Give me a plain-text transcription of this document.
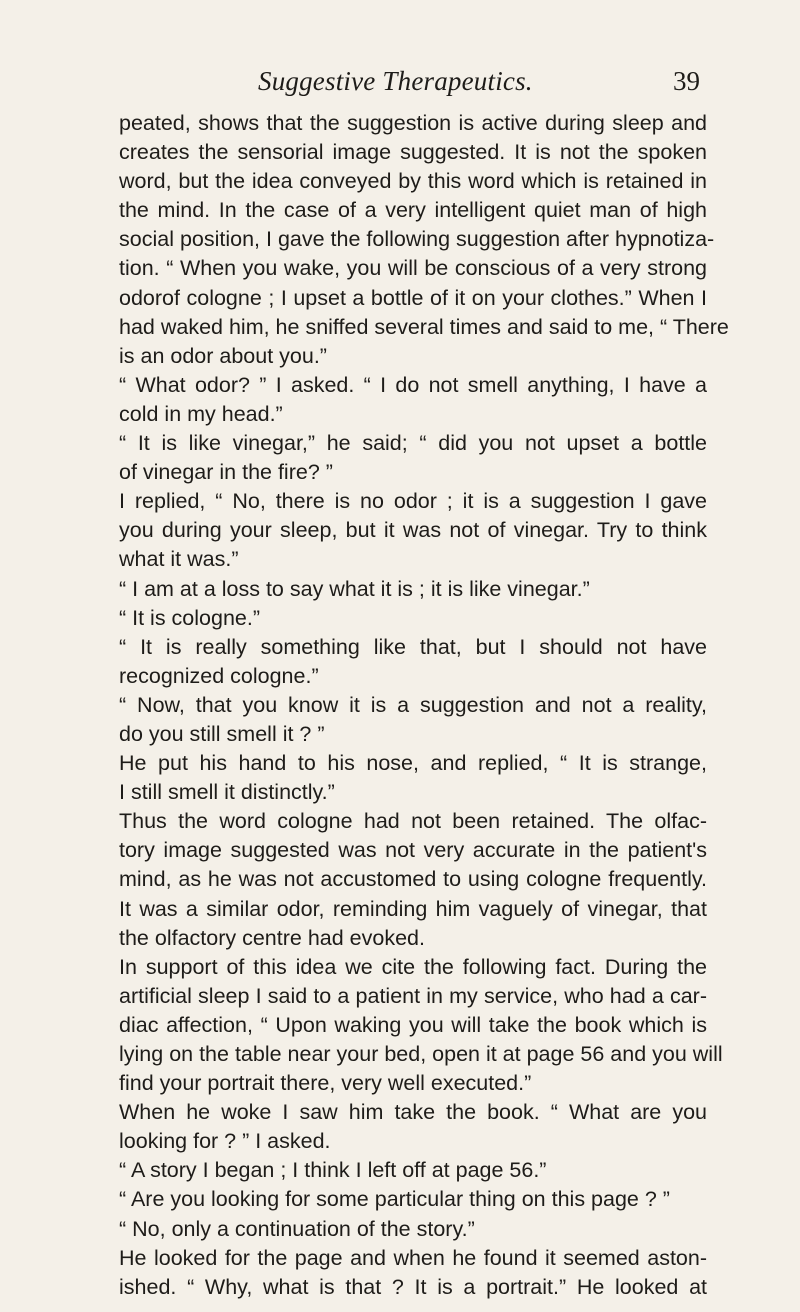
Suggestive Therapeutics.	39
peated, shows that the suggestion is active during sleep and
creates the sensorial image suggested. It is not the spoken
word, but the idea conveyed by this word which is retained in
the mind. In the case of a very intelligent quiet man of high
social position, I gave the following suggestion after hypnotiza-
tion. “ When you wake, you will be conscious of a very strong
odorof cologne ; I upset a bottle of it on your clothes.” When I
had waked him, he sniffed several times and said to me, “ There
is an odor about you.”
“ What odor? ” I asked. “ I do not smell anything, I have a
cold in my head.”
“ It is like vinegar,” he said; “ did you not upset a bottle
of vinegar in the fire? ”
I replied, “ No, there is no odor ; it is a suggestion I gave
you during your sleep, but it was not of vinegar. Try to think
what it was.”
“ I am at a loss to say what it is ; it is like vinegar.”
“ It is cologne.”
“ It is really something like that, but I should not have
recognized cologne.”
“ Now, that you know it is a suggestion and not a reality,
do you still smell it ? ”
He put his hand to his nose, and replied, “ It is strange,
I still smell it distinctly.”
Thus the word cologne had not been retained. The olfac-
tory image suggested was not very accurate in the patient's
mind, as he was not accustomed to using cologne frequently.
It was a similar odor, reminding him vaguely of vinegar, that
the olfactory centre had evoked.
In support of this idea we cite the following fact. During the
artificial sleep I said to a patient in my service, who had a car-
diac affection, “ Upon waking you will take the book which is
lying on the table near your bed, open it at page 56 and you will
find your portrait there, very well executed.”
When he woke I saw him take the book. “ What are you
looking for ? ” I asked.
“ A story I began ; I think I left off at page 56.”
“ Are you looking for some particular thing on this page ? ”
“ No, only a continuation of the story.”
He looked for the page and when he found it seemed aston-
ished. “ Why, what is that ? It is a portrait.” He looked at
